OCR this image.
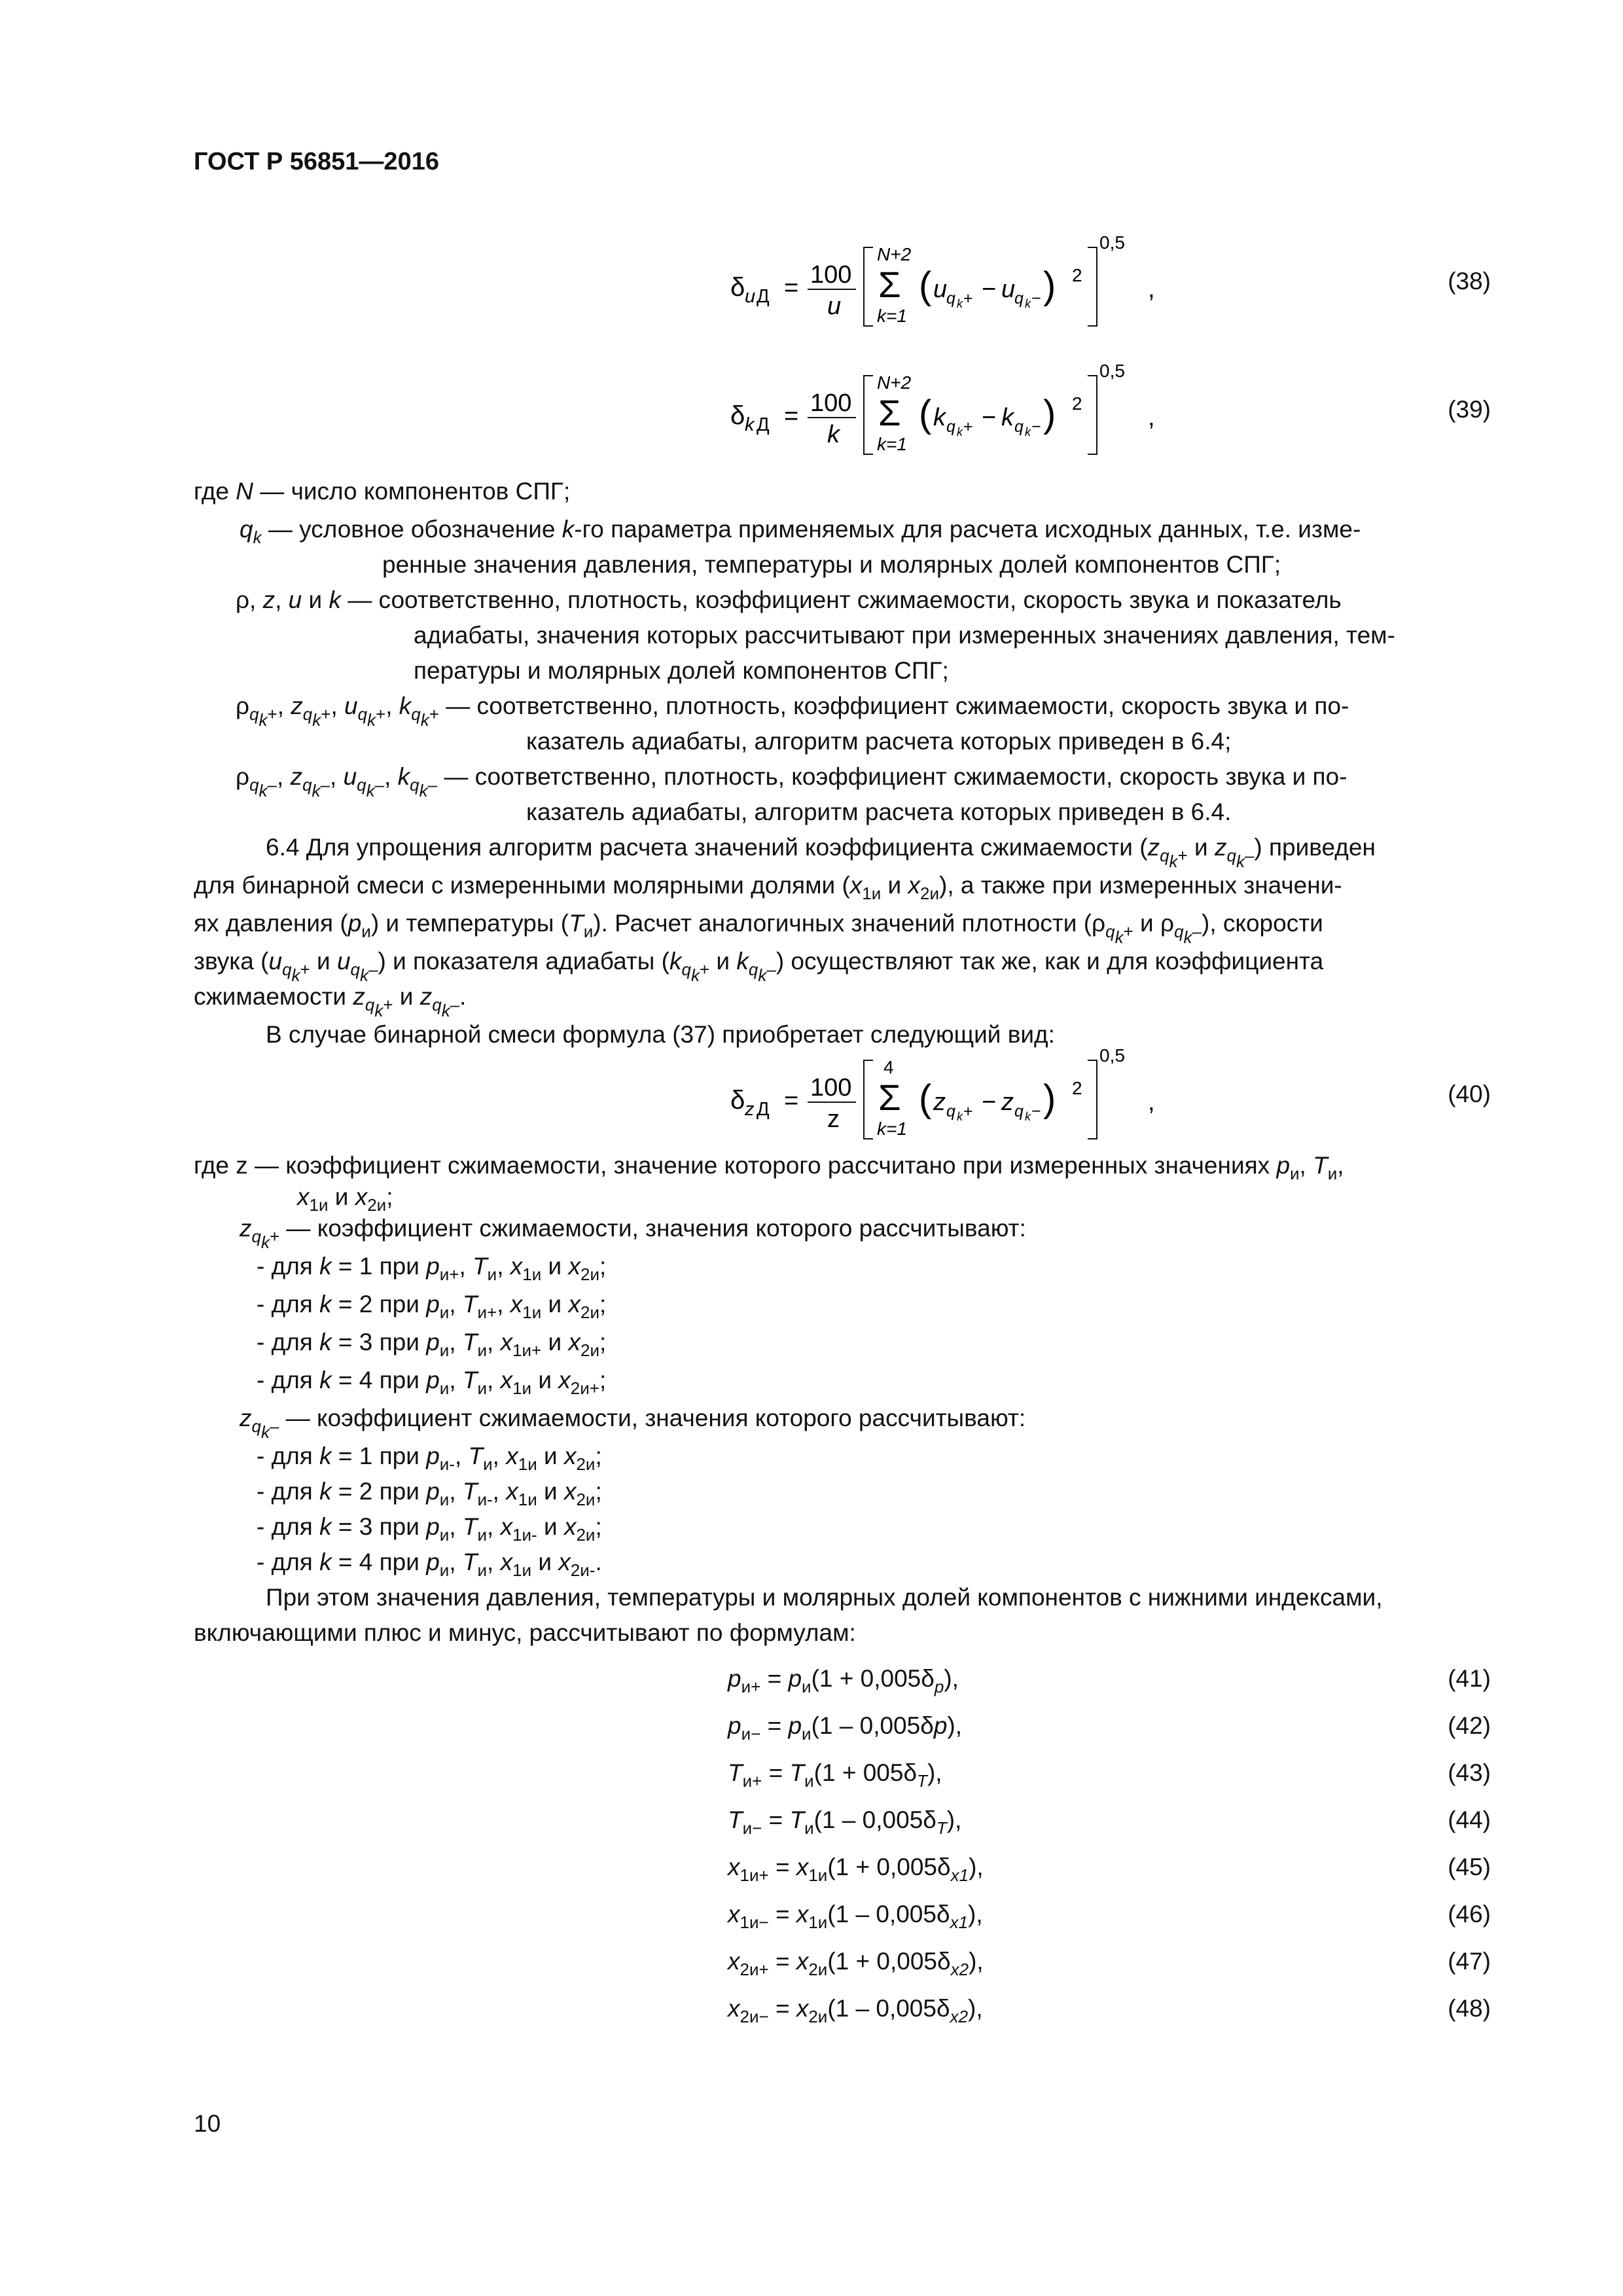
ГОСТ Р 56851—2016
δ u Д = 100
u
N+2
Σ
k=1
( u
q k + − u
q k − ) 2
0,5
,	(38)
δ k Д = 100
k
N+2
Σ
k=1
( k q k + − k q k − ) 2
0,5
,	(39)
где N — число компонентов СПГ;
$q_k$ — условное обозначение k-го параметра применяемых для расчета исходных данных, т.е. изме-
ренные значения давления, температуры и молярных долей компонентов СПГ;
ρ, z, u и k — соответственно, плотность, коэффициент сжимаемости, скорость звука и показатель
адиабаты, значения которых рассчитывают при измеренных значениях давления, тем-
пературы и молярных долей компонентов СПГ;
$\rho_{q_k+}$, $z_{q_k+}$, $u_{q_k+}$, $k_{q_k+}$ — соответственно, плотность, коэффициент сжимаемости, скорость звука и по-
казатель адиабаты, алгоритм расчета которых приведен в 6.4;
$\rho_{q_k-}$, $z_{q_k-}$, $u_{q_k-}$, $k_{q_k-}$ — соответственно, плотность, коэффициент сжимаемости, скорость звука и по-
казатель адиабаты, алгоритм расчета которых приведен в 6.4.
6.4 Для упрощения алгоритм расчета значений коэффициента сжимаемости ($z_{q_k+}$ и $z_{q_k-}$) приведен
для бинарной смеси с измеренными молярными долями ($x_{1и}$ и $x_{2и}$), а также при измеренных значени-
ях давления $(p_и)$ и температуры $(T_и)$. Расчет аналогичных значений плотности ($\rho_{q_k+}$ и $\rho_{q_k-}$), скорости
звука ($u_{q_k+}$ и $u_{q_k-}$) и показателя адиабаты ($k_{q_k+}$ и $k_{q_k-}$) осуществляют так же, как и для коэффициента
сжимаемости $z_{q_k+}$ и $z_{q_k-}$.
В случае бинарной смеси формула (37) приобретает следующий вид:
δ z Д = 100
z
4
Σ
k=1
( z q k + − z q k − ) 2
0,5
,	(40)
где z — коэффициент сжимаемости, значение которого рассчитано при измеренных значениях $p_и$, $T_и$,
$x_{1и}$ и $x_{2и}$;
$z_{q_k+}$ — коэффициент сжимаемости, значения которого рассчитывают:
- для k = 1 при $p_{и+}$, $T_и$, $x_{1и}$ и $x_{2и}$;
- для k = 2 при $p_и$, $T_{и+}$, $x_{1и}$ и $x_{2и}$;
- для k = 3 при $p_и$, $T_и$, $x_{1и+}$ и $x_{2и}$;
- для k = 4 при $p_и$, $T_и$, $x_{1и}$ и $x_{2и+}$;
$z_{q_k-}$ — коэффициент сжимаемости, значения которого рассчитывают:
- для k = 1 при $p_{и-}$, $T_и$, $x_{1и}$ и $x_{2и}$;
- для k = 2 при $p_и$, $T_{и-}$, $x_{1и}$ и $x_{2и}$;
- для k = 3 при $p_и$, $T_и$, $x_{1и-}$ и $x_{2и}$;
- для k = 4 при $p_и$, $T_и$, $x_{1и}$ и $x_{2и-}$.
При этом значения давления, температуры и молярных долей компонентов с нижними индексами,
включающими плюс и минус, рассчитывают по формулам:
$p_{и+} = p_и(1 + 0,005\delta_p)$,	(41)
$p_{и-} = p_и(1 - 0,005\delta p)$,	(42)
$T_{и+} = T_и(1 + 005\delta_T)$,	(43)
$T_{и-} = T_и(1 - 0,005\delta_T)$,	(44)
$x_{1и+} = x_{1и}(1 + 0,005\delta_{x1})$,	(45)
$x_{1и-} = x_{1и}(1 - 0,005\delta_{x1})$,	(46)
$x_{2и+} = x_{2и}(1 + 0,005\delta_{x2})$,	(47)
$x_{2и-} = x_{2и}(1 - 0,005\delta_{x2})$,	(48)
10
